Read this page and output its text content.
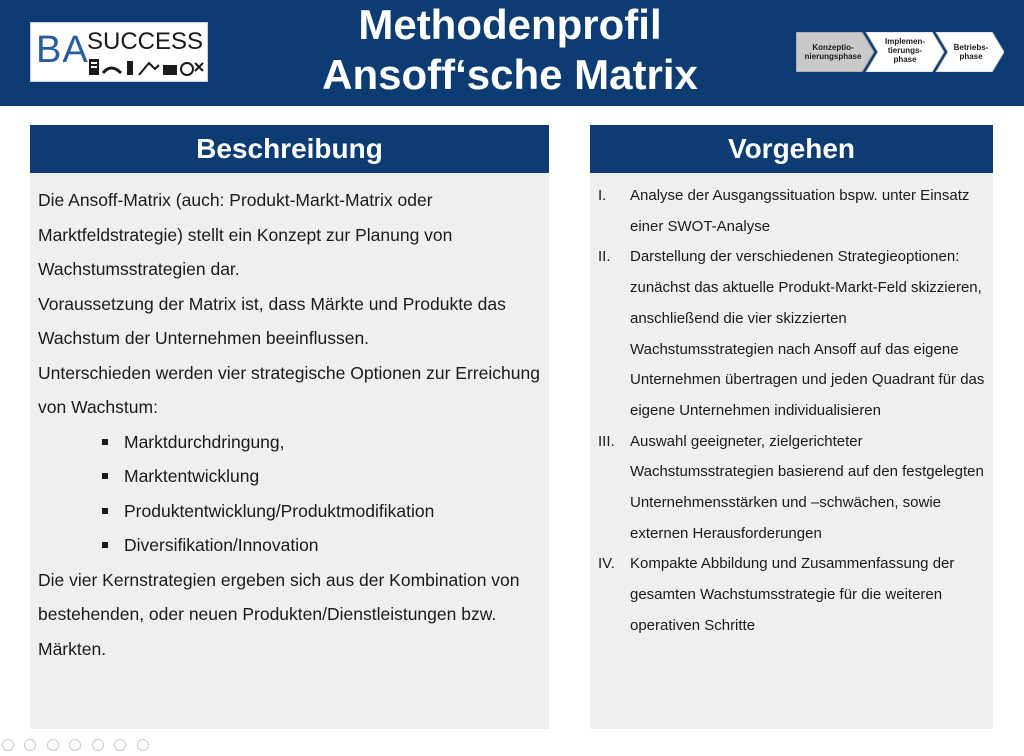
BA
SUCCESS	Methodenprofil
Ansoff‘sche Matrix
Konzeptio-
nierungsphase
Implemen-
tierungs-
phase
Betriebs-
phase
Beschreibung

Die Ansoff-Matrix (auch: Produkt-Markt-Matrix oder Marktfeldstrategie) stellt ein Konzept zur Planung von Wachstumsstrategien dar.

Voraussetzung der Matrix ist, dass Märkte und Produkte das Wachstum der Unternehmen beeinflussen.

Unterschieden werden vier strategische Optionen zur Erreichung von Wachstum:

Marktdurchdringung,
Marktentwicklung
Produktentwicklung/Produktmodifikation
Diversifikation/Innovation

Die vier Kernstrategien ergeben sich aus der Kombination von bestehenden, oder neuen Produkten/Dienstleistungen bzw. Märkten.

Vorgehen
I. Analyse der Ausgangssituation bspw. unter Einsatz einer SWOT-Analyse
II. Darstellung der verschiedenen Strategieoptionen: zunächst das aktuelle Produkt-Markt-Feld skizzieren, anschließend die vier skizzierten Wachstumsstrategien nach Ansoff auf das eigene Unternehmen übertragen und jeden Quadrant für das eigene Unternehmen individualisieren
III. Auswahl geeigneter, zielgerichteter Wachstumsstrategien basierend auf den festgelegten Unternehmensstärken und –schwächen, sowie externen Herausforderungen
IV. Kompakte Abbildung und Zusammenfassung der gesamten Wachstumsstrategie für die weiteren operativen Schritte
